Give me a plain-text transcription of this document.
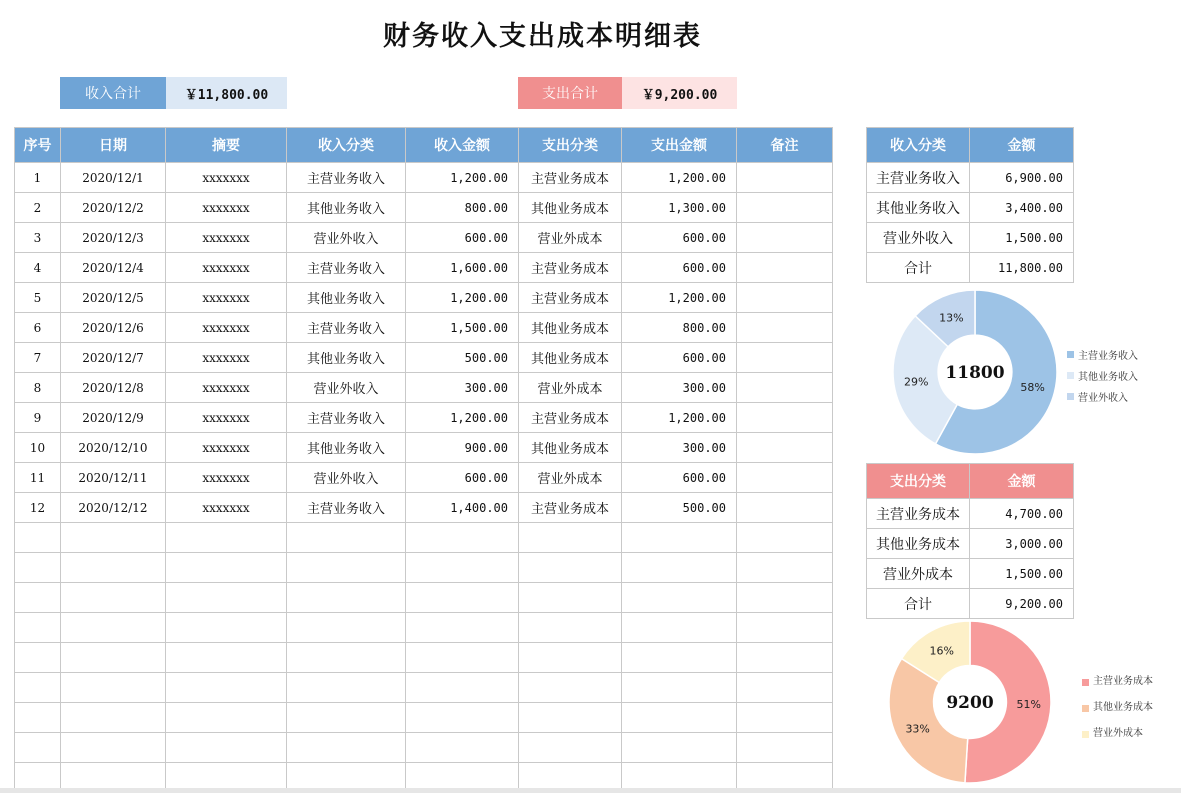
财务收入支出成本明细表
收入合计	￥11,800.00	支出合计	￥9,200.00
序号	日期	摘要	收入分类	收入金额	支出分类	支出金额	备注
1	2020/12/1	xxxxxxx	主营业务收入	1,200.00	主营业务成本	1,200.00	
2	2020/12/2	xxxxxxx	其他业务收入	800.00	其他业务成本	1,300.00	
3	2020/12/3	xxxxxxx	营业外收入	600.00	营业外成本	600.00	
4	2020/12/4	xxxxxxx	主营业务收入	1,600.00	主营业务成本	600.00	
5	2020/12/5	xxxxxxx	其他业务收入	1,200.00	主营业务成本	1,200.00	
6	2020/12/6	xxxxxxx	主营业务收入	1,500.00	其他业务成本	800.00	
7	2020/12/7	xxxxxxx	其他业务收入	500.00	其他业务成本	600.00	
8	2020/12/8	xxxxxxx	营业外收入	300.00	营业外成本	300.00	
9	2020/12/9	xxxxxxx	主营业务收入	1,200.00	主营业务成本	1,200.00	
10	2020/12/10	xxxxxxx	其他业务收入	900.00	其他业务成本	300.00	
11	2020/12/11	xxxxxxx	营业外收入	600.00	营业外成本	600.00	
12	2020/12/12	xxxxxxx	主营业务收入	1,400.00	主营业务成本	500.00	

收入分类	金额
主营业务收入	6,900.00
其他业务收入	3,400.00
营业外收入	1,500.00
合计	11,800.00
58%
29%
13%
11800
主营业务收入
其他业务收入
营业外收入
支出分类	金额
主营业务成本	4,700.00
其他业务成本	3,000.00
营业外成本	1,500.00
合计	9,200.00
51%
33%
16%
9200
主营业务成本
其他业务成本
营业外成本
